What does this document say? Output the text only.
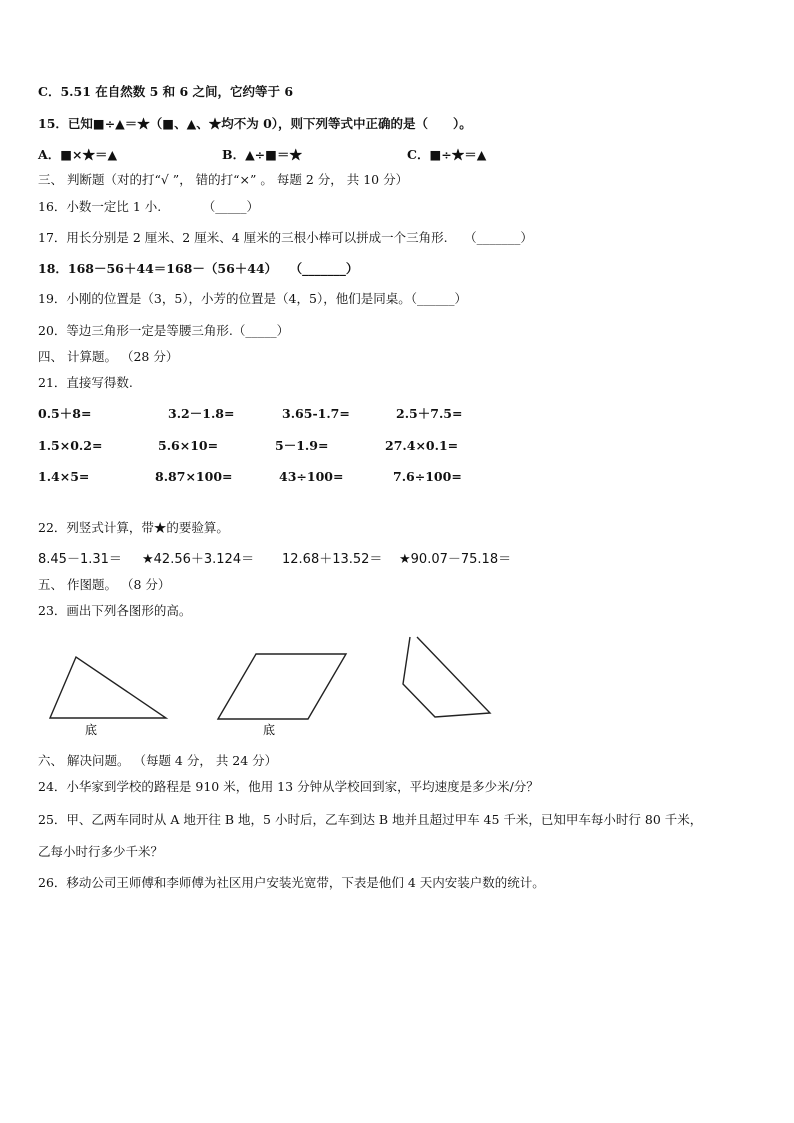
C．5.51 在自然数 5 和 6 之间，它约等于 6
15．已知■÷▲＝★（■、▲、★均不为 0），则下列等式中正确的是（　　）。
A．■×★＝▲	B．▲÷■＝★	C．■÷★＝▲
三、 判断题（对的打“√ ”， 错的打“×” 。 每题 2 分， 共 10 分）
16．小数一定比 1 小.　　　 （_____）
17．用长分别是 2 厘米、2 厘米、4 厘米的三根小棒可以拼成一个三角形.　 （_______）
18．168－56＋44＝168－（56＋44）　　（_______）
19．小刚的位置是（3，5），小芳的位置是（4，5），他们是同桌。（______）
20．等边三角形一定是等腰三角形.（_____）
四、 计算题。 （28 分）
21．直接写得数.
0.5＋8=	3.2－1.8=	3.65-1.7=	2.5＋7.5=
1.5×0.2=	5.6×10=	5－1.9=	27.4×0.1=
1.4×5=	8.87×100=	43÷100=	7.6÷100=
22．列竖式计算，带★的要验算。
8.45－1.31＝ ★42.56＋3.124＝ 12.68＋13.52＝ ★90.07－75.18＝
五、 作图题。 （8 分）
23．画出下列各图形的高。
底	底
六、 解决问题。 （每题 4 分， 共 24 分）
24．小华家到学校的路程是 910 米，他用 13 分钟从学校回到家，平均速度是多少米/分？
25．甲、乙两车同时从 A 地开往 B 地，5 小时后，乙车到达 B 地并且超过甲车 45 千米，已知甲车每小时行 80 千米，
乙每小时行多少千米？
26．移动公司王师傅和李师傅为社区用户安装光宽带，下表是他们 4 天内安装户数的统计。
